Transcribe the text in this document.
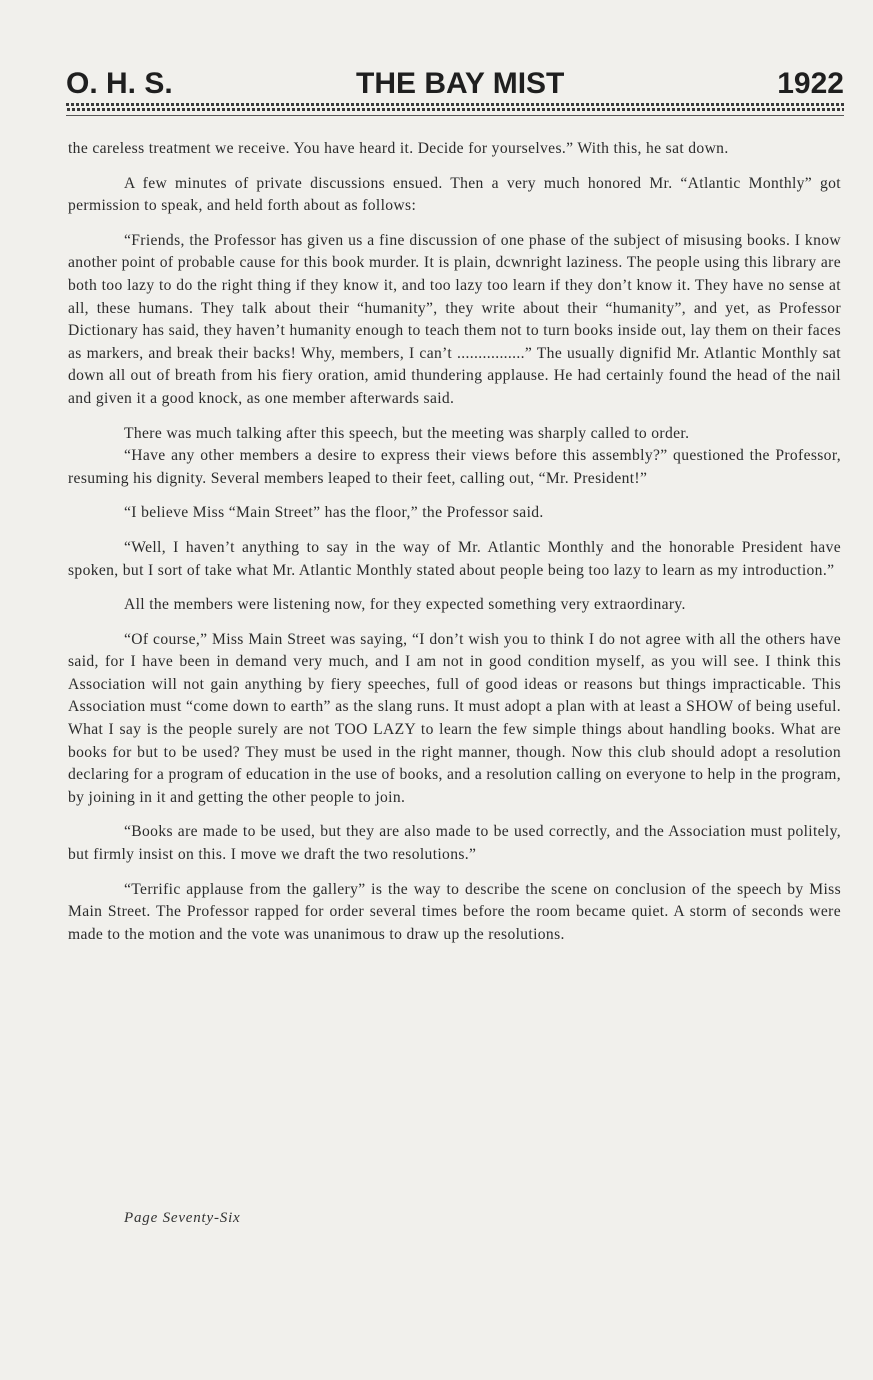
O. H. S.	THE BAY MIST	1922

the careless treatment we receive. You have heard it. Decide for yourselves.” With this, he sat down.

A few minutes of private discussions ensued. Then a very much honored Mr. “Atlantic Monthly” got permission to speak, and held forth about as follows:

“Friends, the Professor has given us a fine discussion of one phase of the subject of misusing books. I know another point of probable cause for this book murder. It is plain, dcwnright laziness. The people using this library are both too lazy to do the right thing if they know it, and too lazy too learn if they don’t know it. They have no sense at all, these humans. They talk about their “humanity”, they write about their “humanity”, and yet, as Professor Dictionary has said, they haven’t humanity enough to teach them not to turn books inside out, lay them on their faces as markers, and break their backs! Why, members, I can’t ................” The usually dignifid Mr. Atlantic Monthly sat down all out of breath from his fiery oration, amid thundering applause. He had certainly found the head of the nail and given it a good knock, as one member afterwards said.

There was much talking after this speech, but the meeting was sharply called to order.

“Have any other members a desire to express their views before this assembly?” questioned the Professor, resuming his dignity. Several members leaped to their feet, calling out, “Mr. President!”

“I believe Miss “Main Street” has the floor,” the Professor said.

“Well, I haven’t anything to say in the way of Mr. Atlantic Monthly and the honorable President have spoken, but I sort of take what Mr. Atlantic Monthly stated about people being too lazy to learn as my introduction.”

All the members were listening now, for they expected something very extraordinary.

“Of course,” Miss Main Street was saying, “I don’t wish you to think I do not agree with all the others have said, for I have been in demand very much, and I am not in good condition myself, as you will see. I think this Association will not gain anything by fiery speeches, full of good ideas or reasons but things impracticable. This Association must “come down to earth” as the slang runs. It must adopt a plan with at least a SHOW of being useful. What I say is the people surely are not TOO LAZY to learn the few simple things about handling books. What are books for but to be used? They must be used in the right manner, though. Now this club should adopt a resolution declaring for a program of education in the use of books, and a resolution calling on everyone to help in the program, by joining in it and getting the other people to join.

“Books are made to be used, but they are also made to be used correctly, and the Association must politely, but firmly insist on this. I move we draft the two resolutions.”

“Terrific applause from the gallery” is the way to describe the scene on conclusion of the speech by Miss Main Street. The Professor rapped for order several times before the room became quiet. A storm of seconds were made to the motion and the vote was unanimous to draw up the resolutions.

Page Seventy-Six
